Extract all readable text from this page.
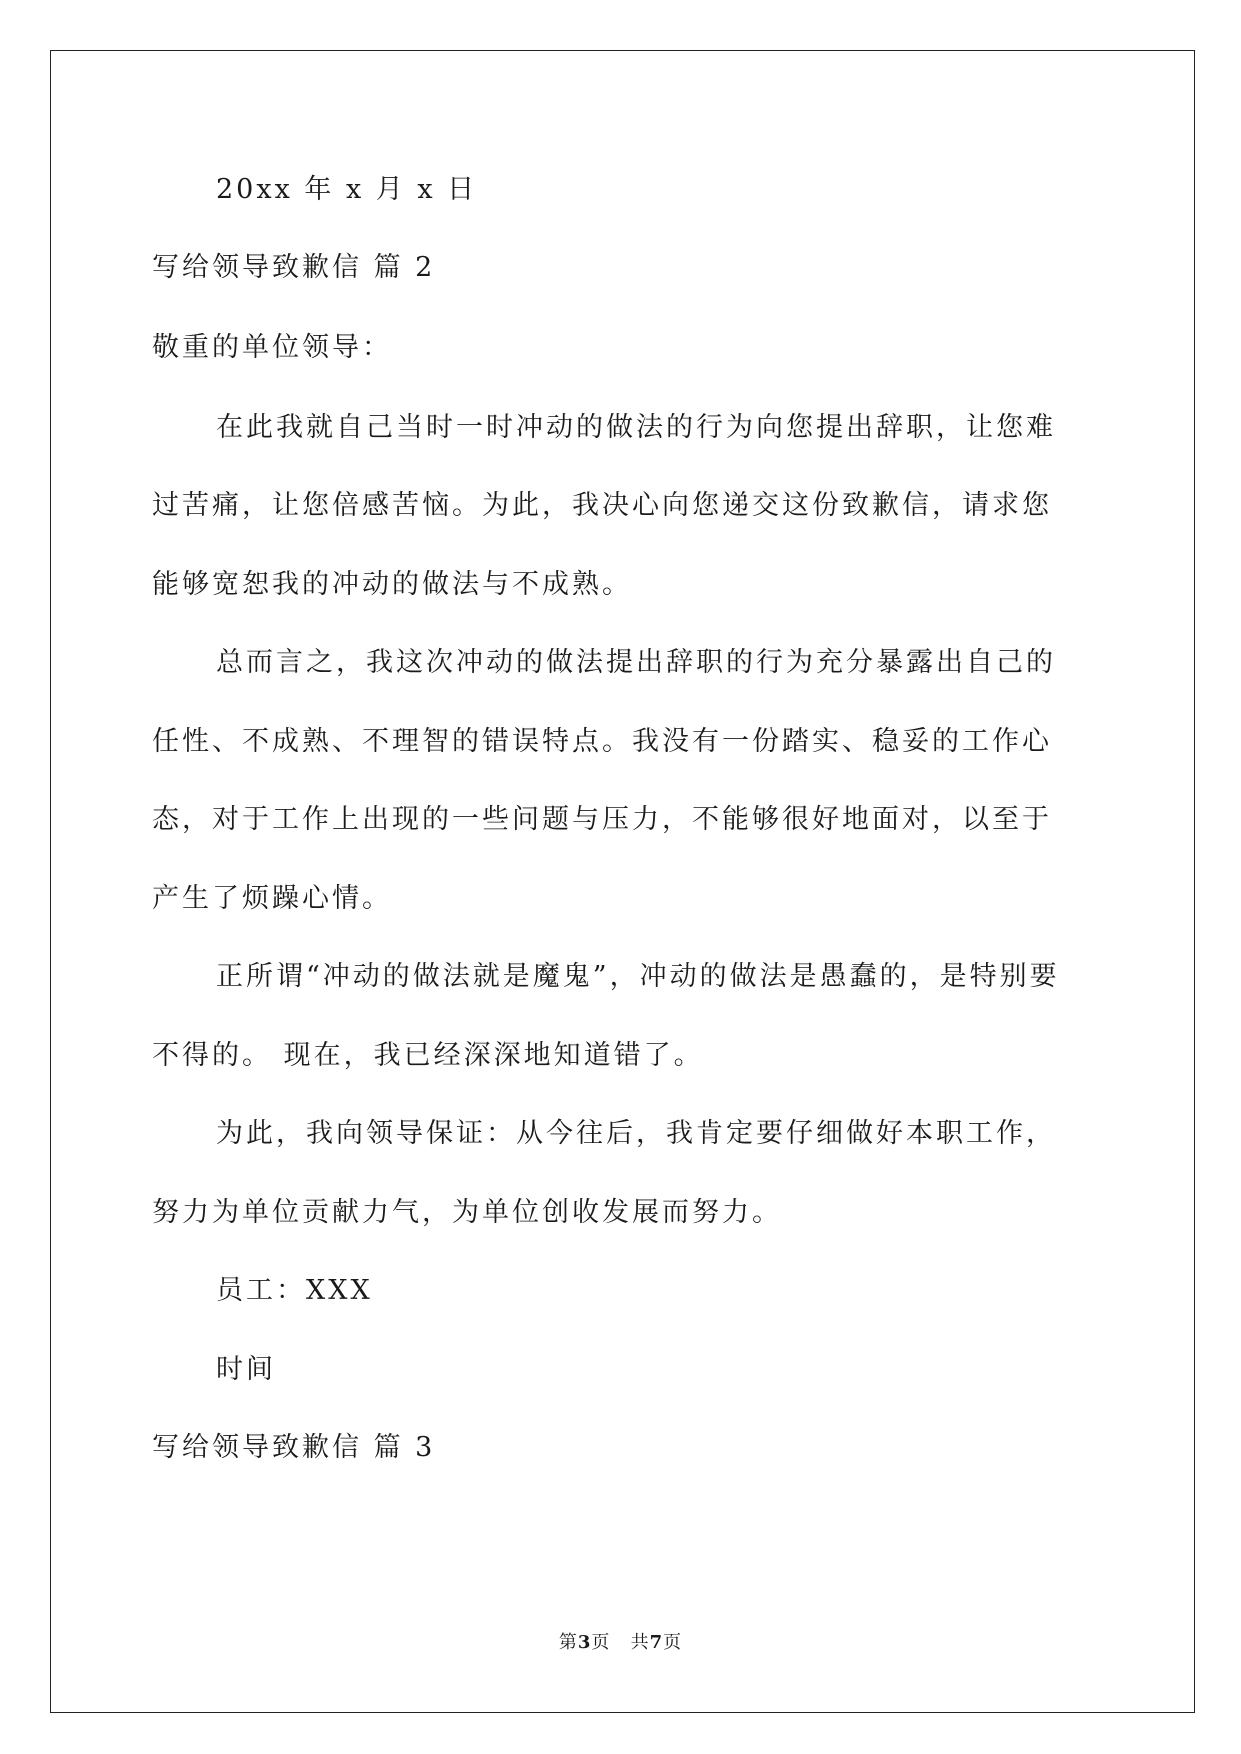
20xx 年 x 月 x 日
写给领导致歉信 篇 2
敬重的单位领导：
在此我就自己当时一时冲动的做法的行为向您提出辞职，让您难
过苦痛，让您倍感苦恼。为此，我决心向您递交这份致歉信，请求您
能够宽恕我的冲动的做法与不成熟。
总而言之，我这次冲动的做法提出辞职的行为充分暴露出自己的
任性、不成熟、不理智的错误特点。我没有一份踏实、稳妥的工作心
态，对于工作上出现的一些问题与压力，不能够很好地面对，以至于
产生了烦躁心情。
正所谓“冲动的做法就是魔鬼”，冲动的做法是愚蠢的，是特别要
不得的。 现在，我已经深深地知道错了。
为此，我向领导保证：从今往后，我肯定要仔细做好本职工作，
努力为单位贡献力气，为单位创收发展而努力。
员工：XXX
时间
写给领导致歉信 篇 3
第3页 共7页
